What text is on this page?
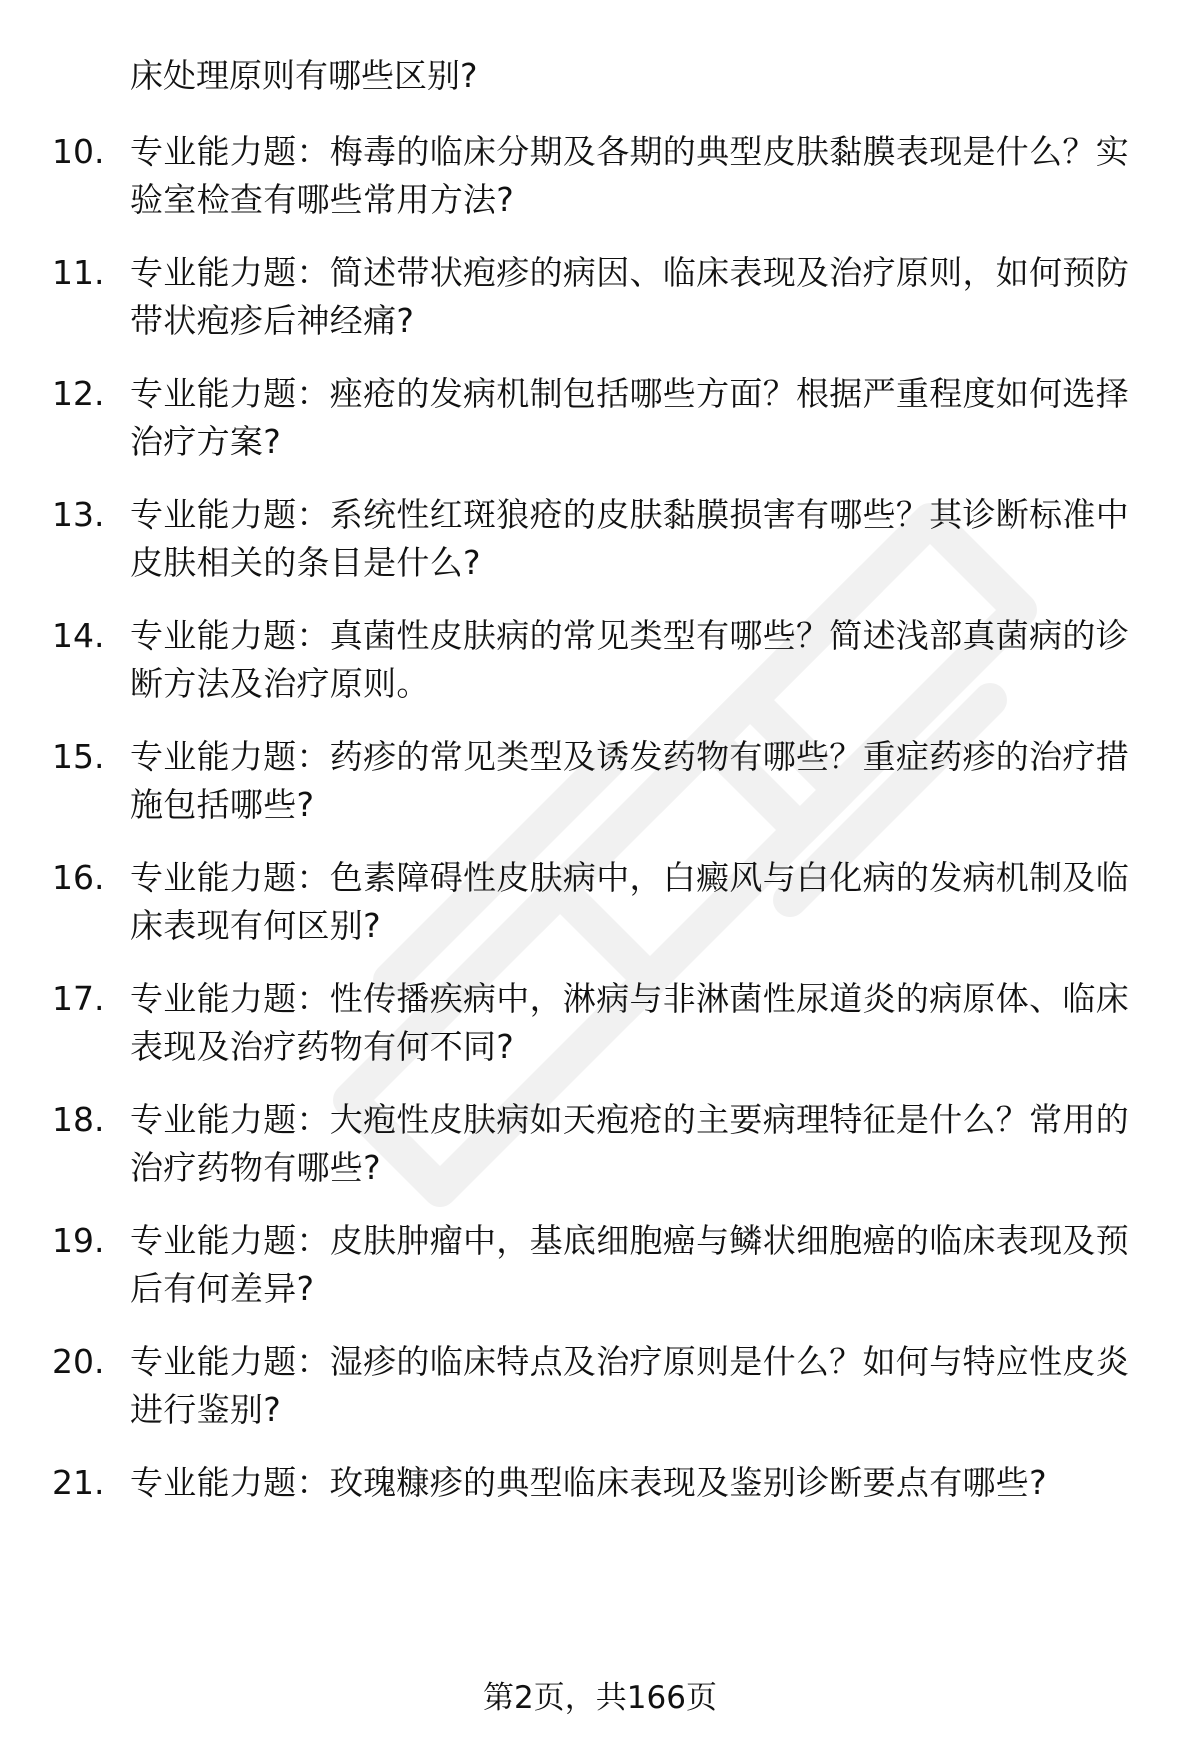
床处理原则有哪些区别?
10. 专业能力题：梅毒的临床分期及各期的典型皮肤黏膜表现是什么？实验室检查有哪些常用方法?

11. 专业能力题：简述带状疱疹的病因、临床表现及治疗原则，如何预防带状疱疹后神经痛?

12. 专业能力题：痤疮的发病机制包括哪些方面？根据严重程度如何选择治疗方案?

13. 专业能力题：系统性红斑狼疮的皮肤黏膜损害有哪些？其诊断标准中皮肤相关的条目是什么?

14. 专业能力题：真菌性皮肤病的常见类型有哪些？简述浅部真菌病的诊断方法及治疗原则。

15. 专业能力题：药疹的常见类型及诱发药物有哪些？重症药疹的治疗措施包括哪些?

16. 专业能力题：色素障碍性皮肤病中，白癜风与白化病的发病机制及临床表现有何区别?

17. 专业能力题：性传播疾病中，淋病与非淋菌性尿道炎的病原体、临床表现及治疗药物有何不同?

18. 专业能力题：大疱性皮肤病如天疱疮的主要病理特征是什么？常用的治疗药物有哪些?

19. 专业能力题：皮肤肿瘤中，基底细胞癌与鳞状细胞癌的临床表现及预后有何差异?

20. 专业能力题：湿疹的临床特点及治疗原则是什么？如何与特应性皮炎进行鉴别?

21. 专业能力题：玫瑰糠疹的典型临床表现及鉴别诊断要点有哪些?

第2页，共166页
